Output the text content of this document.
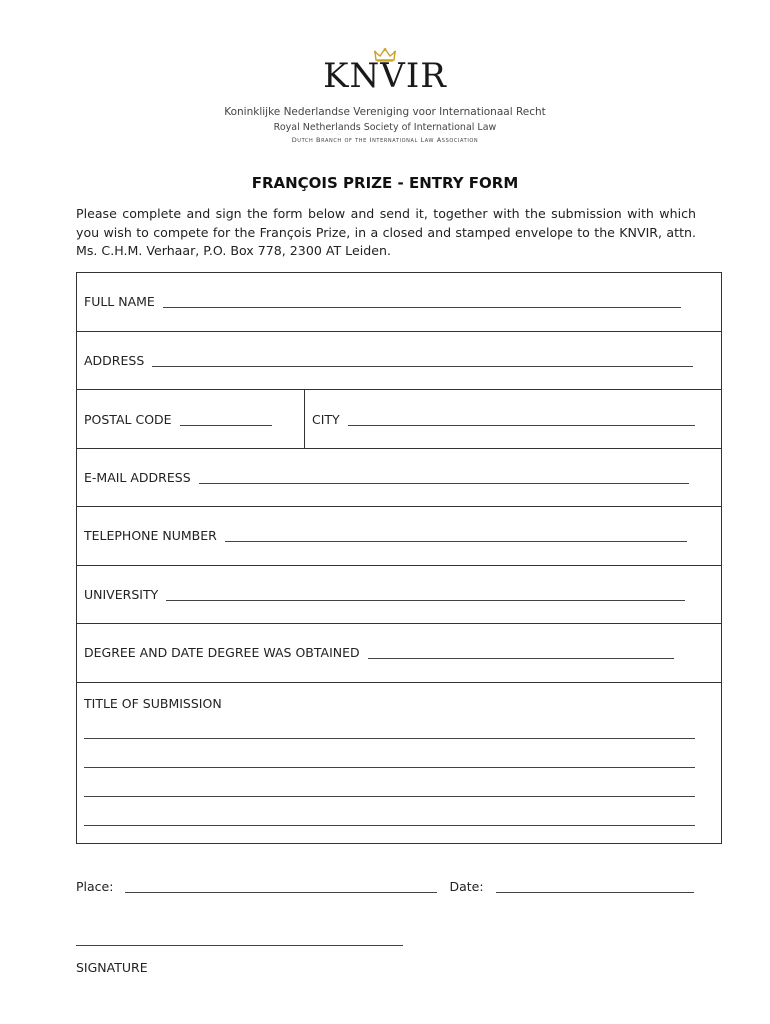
KNVIR
Koninklijke Nederlandse Vereniging voor Internationaal Recht
Royal Netherlands Society of International Law
Dutch Branch of the International Law Association
FRANÇOIS PRIZE - ENTRY FORM
Please complete and sign the form below and send it, together with the submission with which you wish to compete for the François Prize, in a closed and stamped envelope to the KNVIR, attn. Ms. C.H.M. Verhaar, P.O. Box 778, 2300 AT Leiden.
FULL NAME
ADDRESS
POSTAL CODE	CITY
E-MAIL ADDRESS
TELEPHONE NUMBER
UNIVERSITY
DEGREE AND DATE DEGREE WAS OBTAINED
TITLE OF SUBMISSION
Place:	Date:
SIGNATURE
